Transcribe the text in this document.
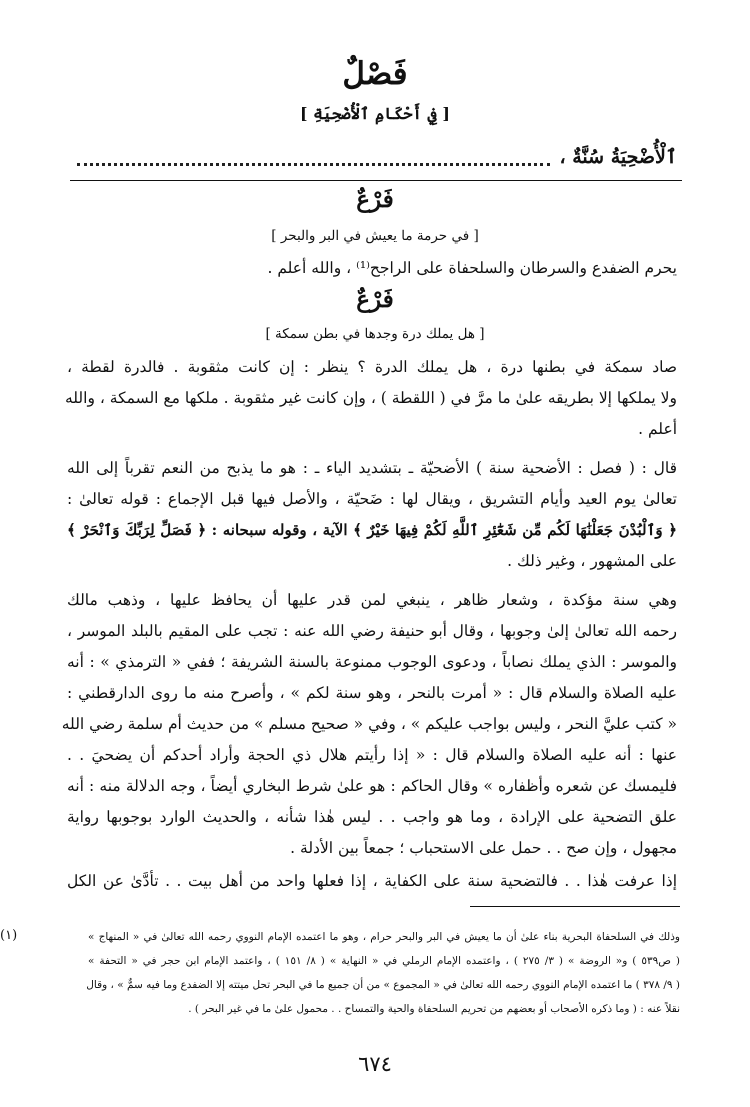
فَصْلٌ
[ فِي أَحْكَامِ ٱلْأُضْحِيَةِ ]
ٱلْأُضْحِيَةُ سُنَّةٌ ،
فَرْعٌ
[ في حرمة ما يعيش في البر والبحر ]
يحرم الضفدع والسرطان والسلحفاة على الراجح⁽¹⁾ ، والله أعلم .
فَرْعٌ
[ هل يملك درة وجدها في بطن سمكة ]
صاد سمكة في بطنها درة ، هل يملك الدرة ؟ ينظر : إن كانت مثقوبة . فالدرة لقطة ،
ولا يملكها إلا بطريقه علىٰ ما مرَّ في ( اللقطة ) ، وإن كانت غير مثقوبة . ملكها مع السمكة ، والله
أعلم .
قال : ( فصل : الأضحية سنة ) الأضحيّة ـ بتشديد الياء ـ : هو ما يذبح من النعم تقرباً إلى الله
تعالىٰ يوم العيد وأيام التشريق ، ويقال لها : ضَحيّة ، والأصل فيها قبل الإجماع : قوله تعالىٰ :
﴿ وَٱلْبُدْنَ جَعَلْنَٰهَا لَكُم مِّن شَعَٰٓئِرِ ٱللَّهِ لَكُمْ فِيهَا خَيْرٌ ﴾ الآية ، وقوله سبحانه : ﴿ فَصَلِّ لِرَبِّكَ وَٱنْحَرْ ﴾
على المشهور ، وغير ذلك .
وهي سنة مؤكدة ، وشعار ظاهر ، ينبغي لمن قدر عليها أن يحافظ عليها ، وذهب مالك
رحمه الله تعالىٰ إلىٰ وجوبها ، وقال أبو حنيفة رضي الله عنه : تجب على المقيم بالبلد الموسر ،
والموسر : الذي يملك نصاباً ، ودعوى الوجوب ممنوعة بالسنة الشريفة ؛ ففي « الترمذي » : أنه
عليه الصلاة والسلام قال : « أمرت بالنحر ، وهو سنة لكم » ، وأصرح منه ما روى الدارقطني :
« كتب عليَّ النحر ، وليس بواجب عليكم » ، وفي « صحيح مسلم » من حديث أم سلمة رضي الله
عنها : أنه عليه الصلاة والسلام قال : « إذا رأيتم هلال ذي الحجة وأراد أحدكم أن يضحيَ . .
فليمسك عن شعره وأظفاره » وقال الحاكم : هو علىٰ شرط البخاري أيضاً ، وجه الدلالة منه : أنه
علق التضحية على الإرادة ، وما هو واجب . . ليس هٰذا شأنه ، والحديث الوارد بوجوبها رواية
مجهول ، وإن صح . . حمل على الاستحباب ؛ جمعاً بين الأدلة .
إذا عرفت هٰذا . . فالتضحية سنة على الكفاية ، إذا فعلها واحد من أهل بيت . . تأدَّىٰ عن الكل
(١)	وذلك في السلحفاة البحرية بناء علىٰ أن ما يعيش في البر والبحر حرام ، وهو ما اعتمده الإمام النووي رحمه الله تعالىٰ في « المنهاج »
( ص٥٣٩ ) و« الروضة » ( ٣/ ٢٧٥ ) ، واعتمده الإمام الرملي في « النهاية » ( ٨/ ١٥١ ) ، واعتمد الإمام ابن حجر في « التحفة »
( ٩/ ٣٧٨ ) ما اعتمده الإمام النووي رحمه الله تعالىٰ في « المجموع » من أن جميع ما في البحر تحل ميتته إلا الضفدع وما فيه سمٌّ » ، وقال
نقلاً عنه : ( وما ذكره الأصحاب أو بعضهم من تحريم السلحفاة والحية والتمساح . . محمول علىٰ ما في غير البحر ) .
٦٧٤
